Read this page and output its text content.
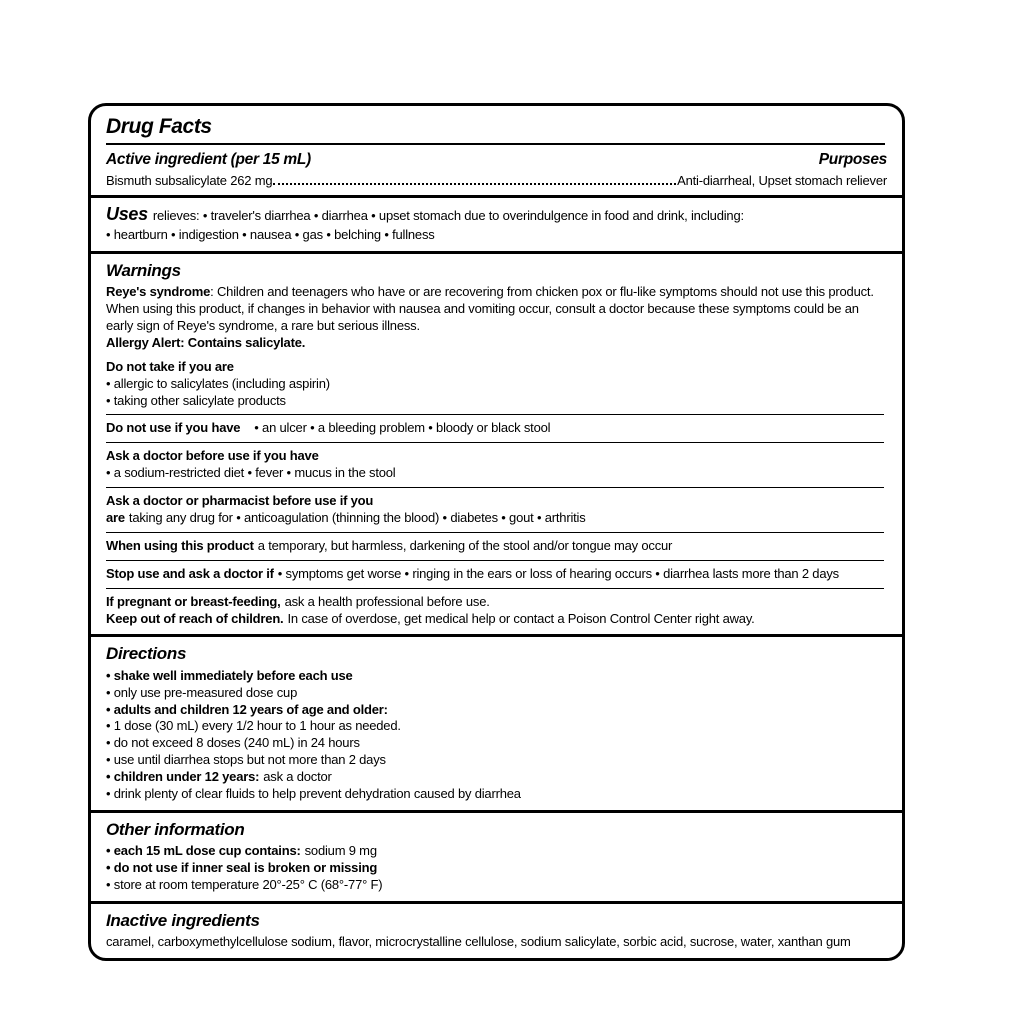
Drug Facts
Active ingredient (per 15 mL)	Purposes
Bismuth subsalicylate 262 mg	Anti-diarrheal, Upset stomach reliever

Uses relieves: • traveler's diarrhea • diarrhea • upset stomach due to overindulgence in food and drink, including:

• heartburn • indigestion • nausea • gas • belching • fullness

Warnings

Reye's syndrome: Children and teenagers who have or are recovering from chicken pox or flu-like symptoms should not use this product. When using this product, if changes in behavior with nausea and vomiting occur, consult a doctor because these symptoms could be an early sign of Reye's syndrome, a rare but serious illness.

Allergy Alert: Contains salicylate.

Do not take if you are

• allergic to salicylates (including aspirin)

• taking other salicylate products

Do not use if you have • an ulcer • a bleeding problem • bloody or black stool

Ask a doctor before use if you have

• a sodium-restricted diet • fever • mucus in the stool

Ask a doctor or pharmacist before use if you

are taking any drug for • anticoagulation (thinning the blood) • diabetes • gout • arthritis

When using this product a temporary, but harmless, darkening of the stool and/or tongue may occur

Stop use and ask a doctor if • symptoms get worse • ringing in the ears or loss of hearing occurs • diarrhea lasts more than 2 days

If pregnant or breast-feeding, ask a health professional before use.

Keep out of reach of children. In case of overdose, get medical help or contact a Poison Control Center right away.

Directions

• shake well immediately before each use

• only use pre-measured dose cup

• adults and children 12 years of age and older:

• 1 dose (30 mL) every 1/2 hour to 1 hour as needed.

• do not exceed 8 doses (240 mL) in 24 hours

• use until diarrhea stops but not more than 2 days

• children under 12 years: ask a doctor

• drink plenty of clear fluids to help prevent dehydration caused by diarrhea

Other information

• each 15 mL dose cup contains: sodium 9 mg

• do not use if inner seal is broken or missing

• store at room temperature 20°-25° C (68°-77° F)

Inactive ingredients

caramel, carboxymethylcellulose sodium, flavor, microcrystalline cellulose, sodium salicylate, sorbic acid, sucrose, water, xanthan gum
